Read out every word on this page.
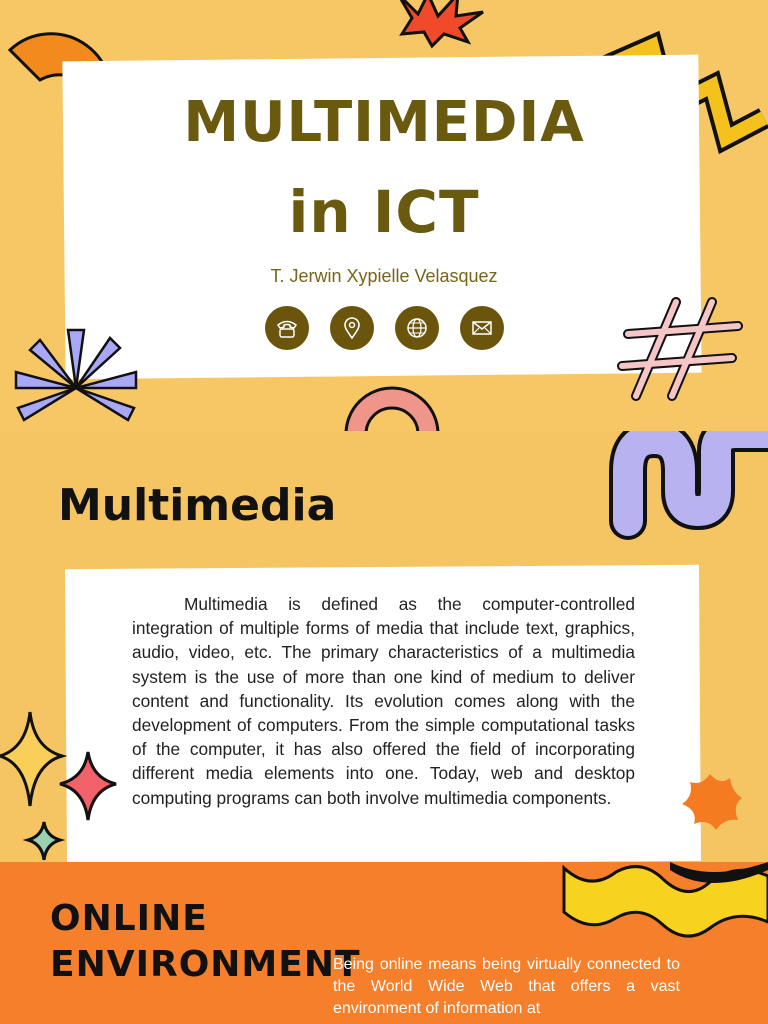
MULTIMEDIA
in ICT
T. Jerwin Xypielle Velasquez
Multimedia
Multimedia is defined as the computer-controlled integration of multiple forms of media that include text, graphics, audio, video, etc. The primary characteristics of a multimedia system is the use of more than one kind of medium to deliver content and functionality. Its evolution comes along with the development of computers. From the simple computational tasks of the computer, it has also offered the field of incorporating different media elements into one. Today, web and desktop computing programs can both involve multimedia components.
ONLINE
ENVIRONMENT
Being online means being virtually connected to the World Wide Web that offers a vast environment of information at
